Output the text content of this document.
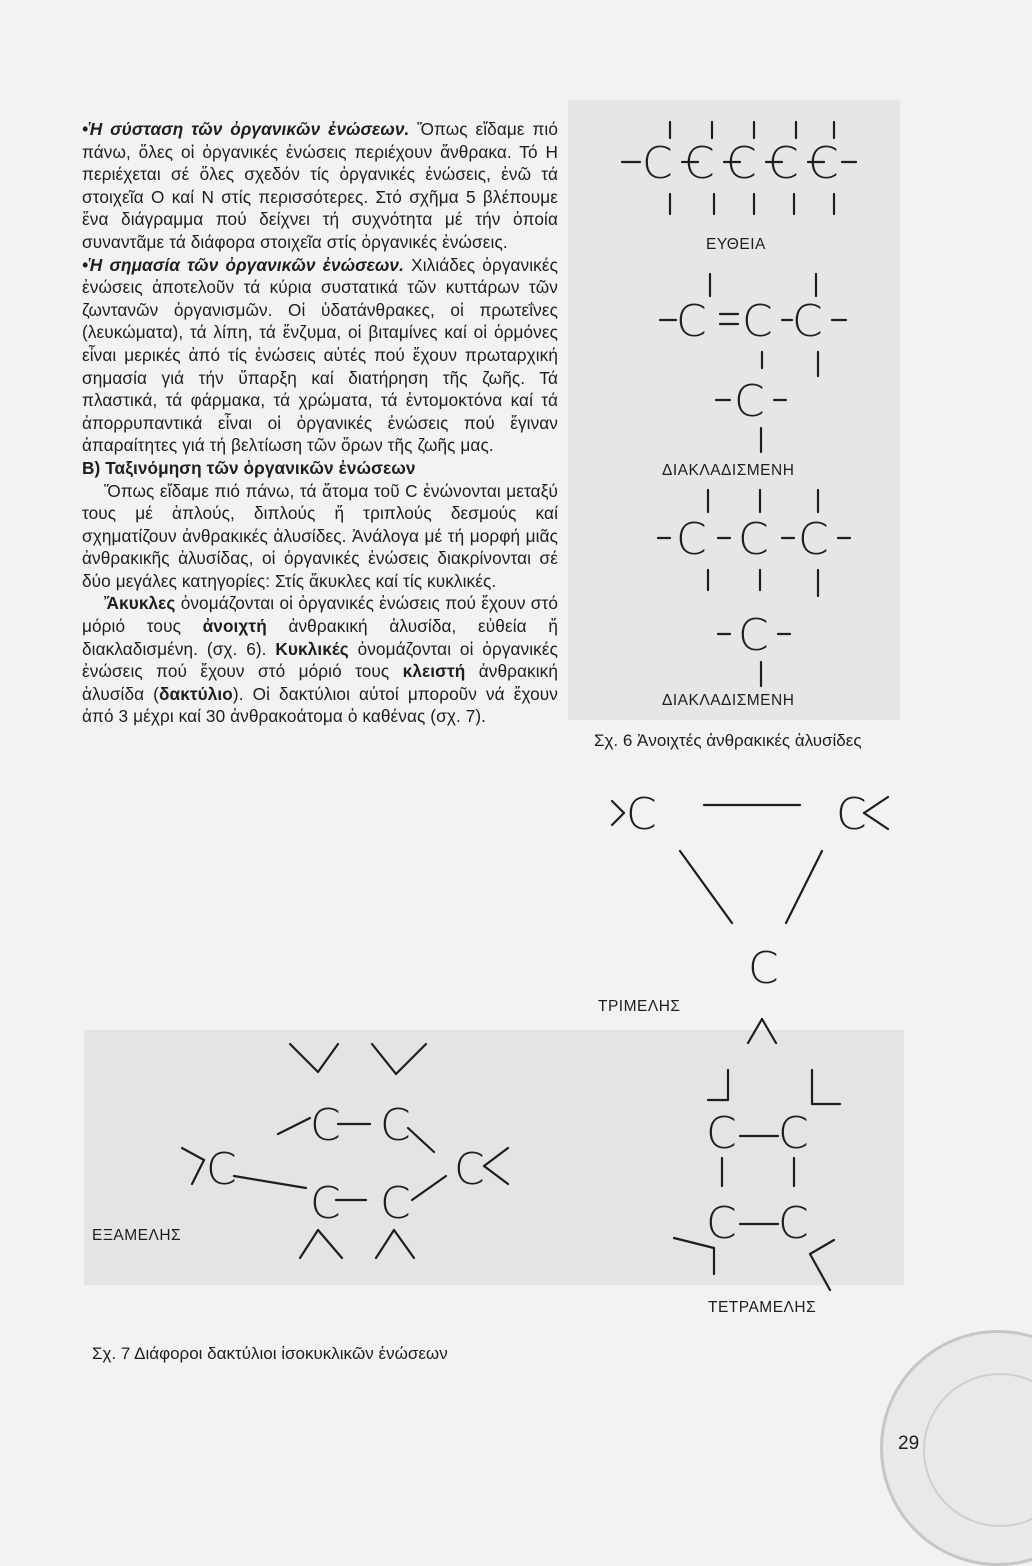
•Ἡ σύσταση τῶν ὀργανικῶν ἐνώσεων. Ὅπως εἴδαμε πιό πάνω, ὅλες οἱ ὀργανικές ἐνώσεις περιέχουν ἄνθρακα. Τό Η περιέχεται σέ ὅλες σχεδόν τίς ὀργανικές ἐνώσεις, ἐνῶ τά στοιχεῖα Ο καί Ν στίς περισσότερες. Στό σχῆμα 5 βλέπουμε ἕνα διάγραμμα πού δείχνει τή συχνότητα μέ τήν ὁποία συναντᾶμε τά διάφορα στοιχεῖα στίς ὀργανικές ἐνώσεις.

•Ἡ σημασία τῶν ὀργανικῶν ἐνώσεων. Χιλιάδες ὀργανικές ἐνώσεις ἀποτελοῦν τά κύρια συστατικά τῶν κυττάρων τῶν ζωντανῶν ὀργανισμῶν. Οἱ ὑδατάνθρακες, οἱ πρωτεΐνες (λευκώματα), τά λίπη, τά ἔνζυμα, οἱ βιταμίνες καί οἱ ὁρμόνες εἶναι μερικές ἀπό τίς ἐνώσεις αὐτές πού ἔχουν πρωταρχική σημασία γιά τήν ὕπαρξη καί διατήρηση τῆς ζωῆς. Τά πλαστικά, τά φάρμακα, τά χρώματα, τά ἐντομοκτόνα καί τά ἀπορρυπαντικά εἶναι οἱ ὀργανικές ἐνώσεις πού ἔγιναν ἀπαραίτητες γιά τή βελτίωση τῶν ὅρων τῆς ζωῆς μας.

Β) Ταξινόμηση τῶν ὀργανικῶν ἐνώσεων

Ὅπως εἴδαμε πιό πάνω, τά ἄτομα τοῦ C ἑνώνονται μεταξύ τους μέ ἁπλούς, διπλούς ἤ τριπλούς δεσμούς καί σχηματίζουν ἀνθρακικές ἁλυσίδες. Ἀνάλογα μέ τή μορφή μιᾶς ἀνθρακικῆς ἁλυσίδας, οἱ ὀργανικές ἐνώσεις διακρίνονται σέ δύο μεγάλες κατηγορίες: Στίς ἄκυκλες καί τίς κυκλικές.

Ἄκυκλες ὀνομάζονται οἱ ὀργανικές ἐνώσεις πού ἔχουν στό μόριό τους ἀνοιχτή ἀνθρακική ἁλυσίδα, εὐθεία ἤ διακλαδισμένη. (σχ. 6). Κυκλικές ὀνομάζονται οἱ ὀργανικές ἐνώσεις πού ἔχουν στό μόριό τους κλειστή ἀνθρακική ἁλυσίδα (δακτύλιο). Οἱ δακτύλιοι αὐτοί μποροῦν νά ἔχουν ἀπό 3 μέχρι καί 30 ἀνθρακοάτομα ὁ καθένας (σχ. 7).

C C C C C
ΕΥΘΕΙΑ
C C C
C
ΔΙΑΚΛΑΔΙΣΜΕΝΗ
C C C
C
ΔΙΑΚΛΑΔΙΣΜΕΝΗ
Σχ. 6 Ἀνοιχτές ἀνθρακικές ἁλυσίδες
C	C
C
ΤΡΙΜΕΛΗΣ
C C
C C
ΤΕΤΡΑΜΕΛΗΣ
C C
C	C
C C
ΕΞΑΜΕΛΗΣ
Σχ. 7 Διάφοροι δακτύλιοι ἰσοκυκλικῶν ἐνώσεων
29
